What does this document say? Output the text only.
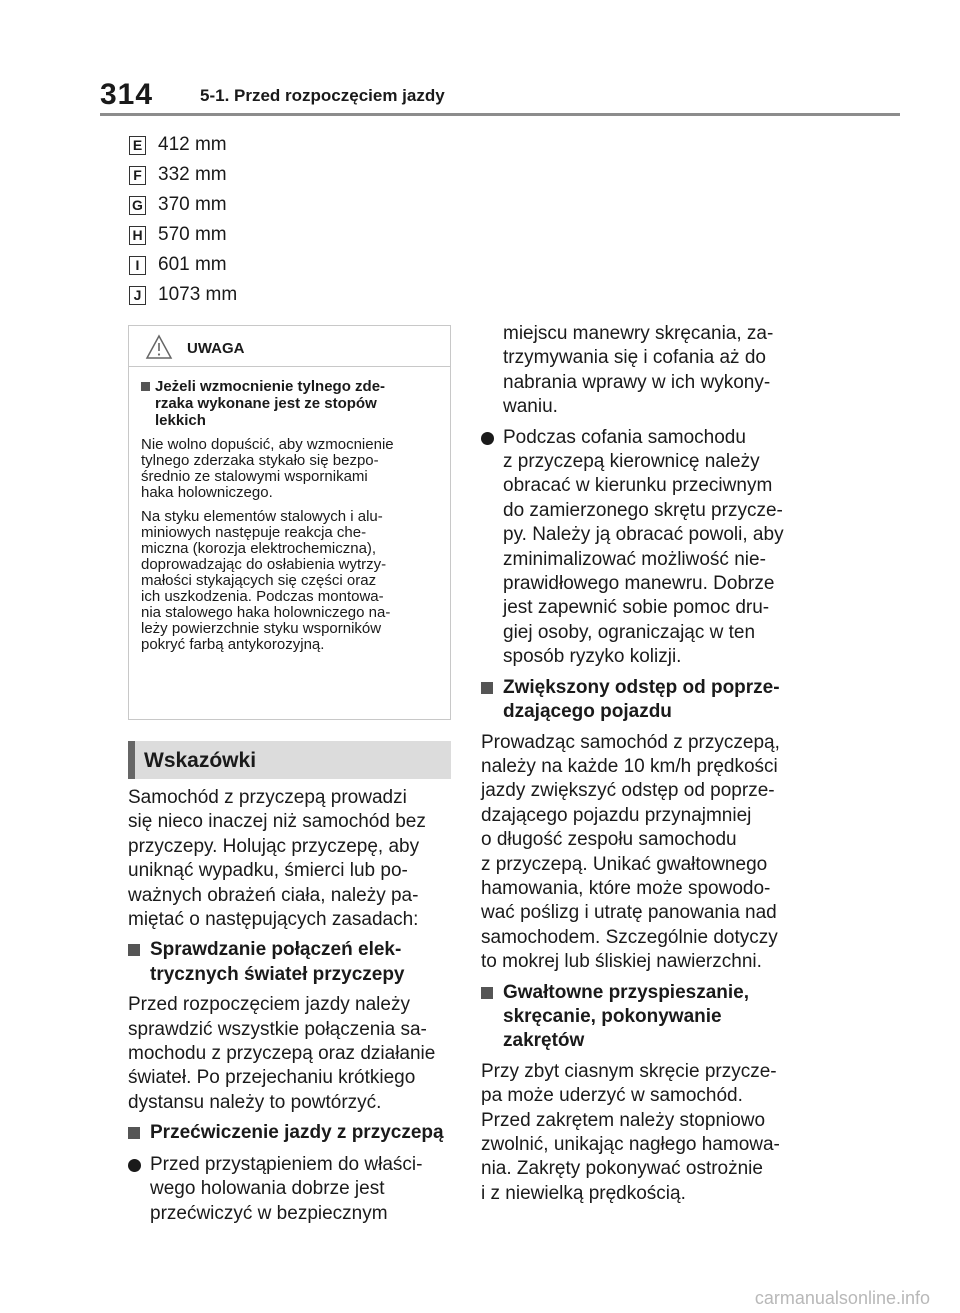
314	5-1. Przed rozpoczęciem jazdy
E 412 mm
F 332 mm
G 370 mm
H 570 mm
I 601 mm
J 1073 mm
UWAGA
Jeżeli wzmocnienie tylnego zde-
rzaka wykonane jest ze stopów
lekkich
Nie wolno dopuścić, aby wzmocnienie
tylnego zderzaka stykało się bezpo-
średnio ze stalowymi wspornikami
haka holowniczego.
Na styku elementów stalowych i alu-
miniowych następuje reakcja che-
miczna (korozja elektrochemiczna),
doprowadzając do osłabienia wytrzy-
małości stykających się części oraz
ich uszkodzenia. Podczas montowa-
nia stalowego haka holowniczego na-
leży powierzchnie styku wsporników
pokryć farbą antykorozyjną.
Wskazówki
Samochód z przyczepą prowadzi
się nieco inaczej niż samochód bez
przyczepy. Holując przyczepę, aby
uniknąć wypadku, śmierci lub po-
ważnych obrażeń ciała, należy pa-
miętać o następujących zasadach:
Sprawdzanie połączeń elek-
trycznych świateł przyczepy
Przed rozpoczęciem jazdy należy
sprawdzić wszystkie połączenia sa-
mochodu z przyczepą oraz działanie
świateł. Po przejechaniu krótkiego
dystansu należy to powtórzyć.
Przećwiczenie jazdy z przyczepą
Przed przystąpieniem do właści-
wego holowania dobrze jest
przećwiczyć w bezpiecznym
miejscu manewry skręcania, za-
trzymywania się i cofania aż do
nabrania wprawy w ich wykony-
waniu.
Podczas cofania samochodu
z przyczepą kierownicę należy
obracać w kierunku przeciwnym
do zamierzonego skrętu przycze-
py. Należy ją obracać powoli, aby
zminimalizować możliwość nie-
prawidłowego manewru. Dobrze
jest zapewnić sobie pomoc dru-
giej osoby, ograniczając w ten
sposób ryzyko kolizji.
Zwiększony odstęp od poprze-
dzającego pojazdu
Prowadząc samochód z przyczepą,
należy na każde 10 km/h prędkości
jazdy zwiększyć odstęp od poprze-
dzającego pojazdu przynajmniej
o długość zespołu samochodu
z przyczepą. Unikać gwałtownego
hamowania, które może spowodo-
wać poślizg i utratę panowania nad
samochodem. Szczególnie dotyczy
to mokrej lub śliskiej nawierzchni.
Gwałtowne przyspieszanie,
skręcanie, pokonywanie
zakrętów
Przy zbyt ciasnym skręcie przycze-
pa może uderzyć w samochód.
Przed zakrętem należy stopniowo
zwolnić, unikając nagłego hamowa-
nia. Zakręty pokonywać ostrożnie
i z niewielką prędkością.
carmanualsonline.info
